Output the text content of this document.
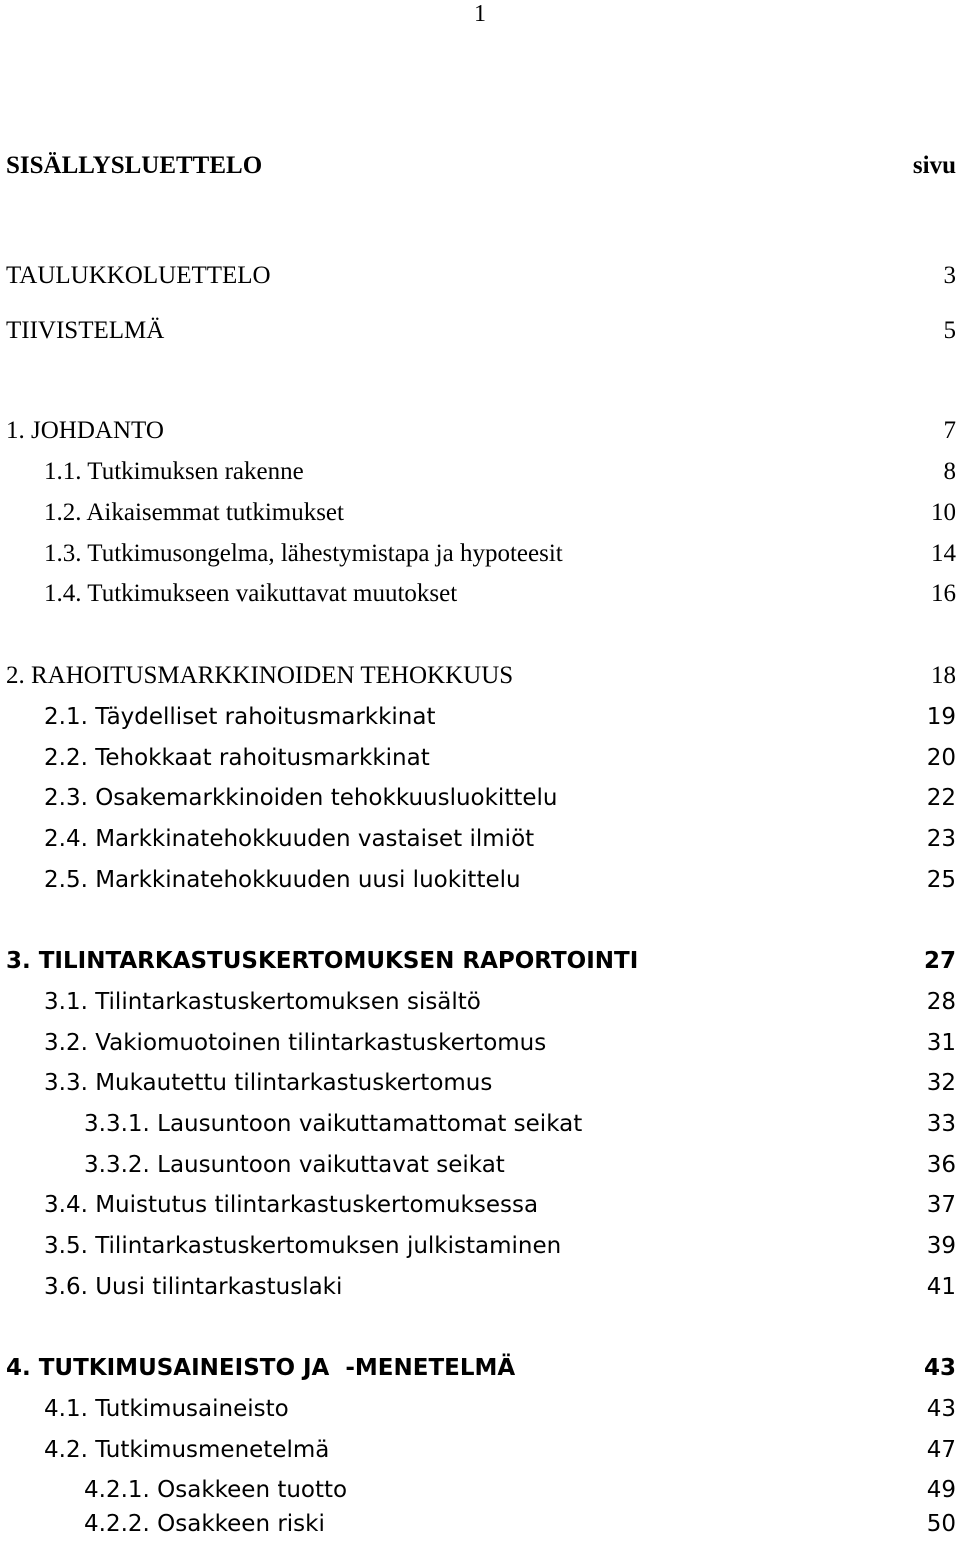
1
SISÄLLYSLUETTELO	sivu
TAULUKKOLUETTELO	3
TIIVISTELMÄ	5
1. JOHDANTO	7
1.1. Tutkimuksen rakenne	8
1.2. Aikaisemmat tutkimukset	10
1.3. Tutkimusongelma, lähestymistapa ja hypoteesit	14
1.4. Tutkimukseen vaikuttavat muutokset	16
2. RAHOITUSMARKKINOIDEN TEHOKKUUS	18
2.1. Täydelliset rahoitusmarkkinat	19
2.2. Tehokkaat rahoitusmarkkinat	20
2.3. Osakemarkkinoiden tehokkuusluokittelu	22
2.4. Markkinatehokkuuden vastaiset ilmiöt	23
2.5. Markkinatehokkuuden uusi luokittelu	25
3. TILINTARKASTUSKERTOMUKSEN RAPORTOINTI	27
3.1. Tilintarkastuskertomuksen sisältö	28
3.2. Vakiomuotoinen tilintarkastuskertomus	31
3.3. Mukautettu tilintarkastuskertomus	32
3.3.1. Lausuntoon vaikuttamattomat seikat	33
3.3.2. Lausuntoon vaikuttavat seikat	36
3.4. Muistutus tilintarkastuskertomuksessa	37
3.5. Tilintarkastuskertomuksen julkistaminen	39
3.6. Uusi tilintarkastuslaki	41
4. TUTKIMUSAINEISTO JA  -MENETELMÄ	43
4.1. Tutkimusaineisto	43
4.2. Tutkimusmenetelmä	47
4.2.1. Osakkeen tuotto	49
4.2.2. Osakkeen riski	50
